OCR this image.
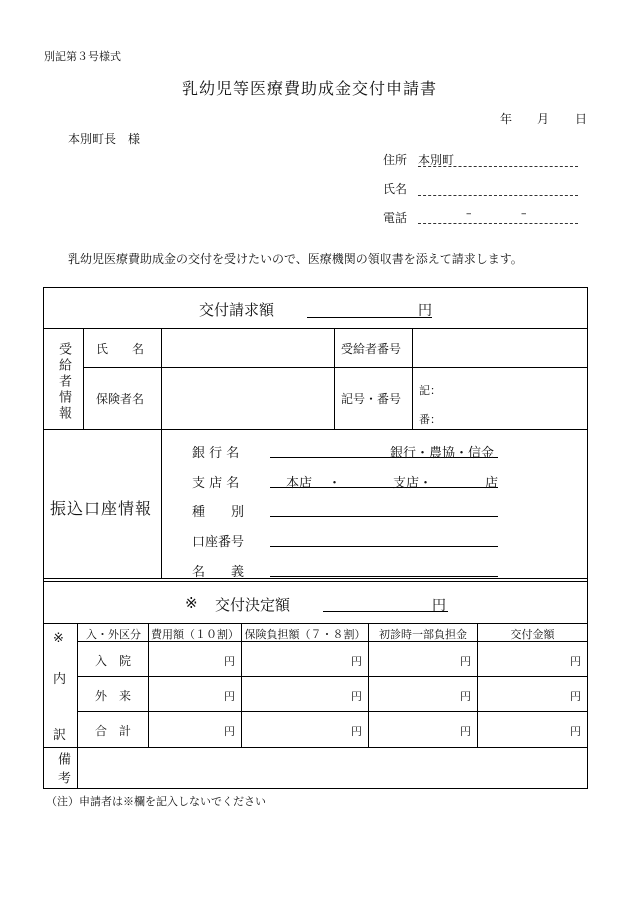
別記第３号様式
乳幼児等医療費助成金交付申請書
年 月 日
本別町長　様
住所 本別町
氏名
電話	–	–
乳幼児医療費助成金の交付を受けたいので、医療機関の領収書を添えて請求します。
交付請求額	円
受給者情報 氏　　名	受給者番号
保険者名	記号・番号
記：
番：
振込口座情報
銀 行 名	銀行・農協・信金
支 店 名	本店 ・	支店・	店
種　　別
口座番号
名　　義
※ 交付決定額	円
※
内
訳
入・外区分 費用額（１０割） 保険負担額（７・８割）	初診時一部負担金	交付金額
入　院	円	円	円	円
外　来	円	円	円	円
合　計	円	円	円	円
備考
（注）申請者は※欄を記入しないでください
